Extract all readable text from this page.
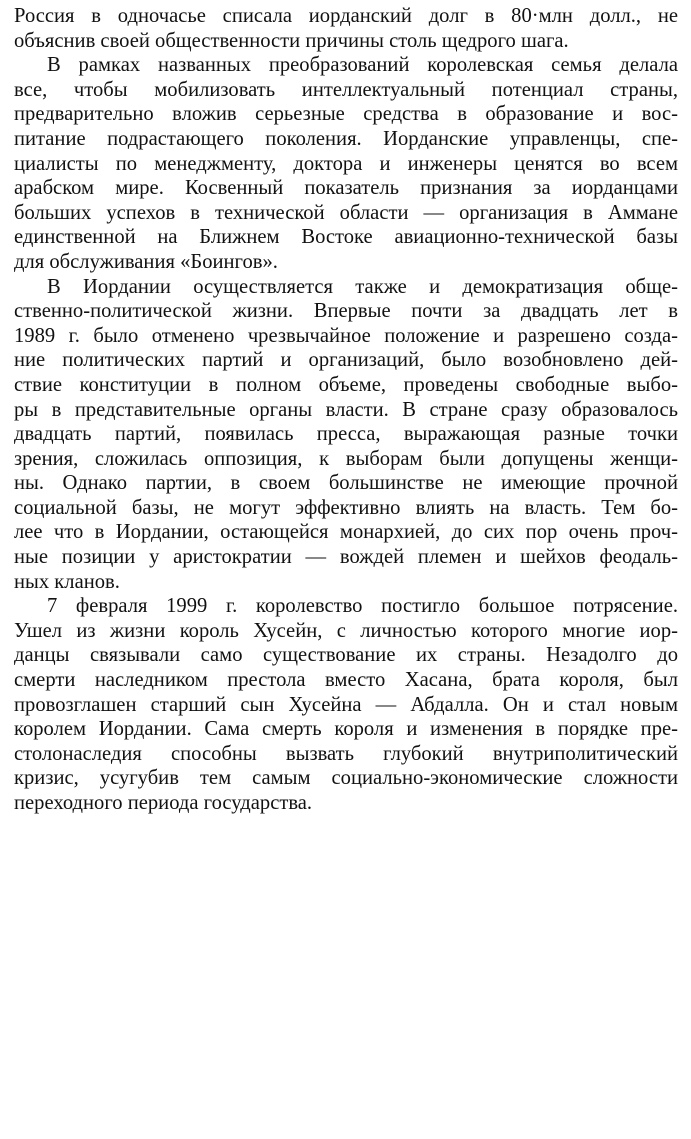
Россия в одночасье списала иорданский долг в 80·млн долл., не
объяснив своей общественности причины столь щедрого шага.
В рамках названных преобразований королевская семья делала
все, чтобы мобилизовать интеллектуальный потенциал страны,
предварительно вложив серьезные средства в образование и вос-
питание подрастающего поколения. Иорданские управленцы, спе-
циалисты по менеджменту, доктора и инженеры ценятся во всем
арабском мире. Косвенный показатель признания за иорданцами
больших успехов в технической области — организация в Аммане
единственной на Ближнем Востоке авиационно-технической базы
для обслуживания «Боингов».
В Иордании осуществляется также и демократизация обще-
ственно-политической жизни. Впервые почти за двадцать лет в
1989 г. было отменено чрезвычайное положение и разрешено созда-
ние политических партий и организаций, было возобновлено дей-
ствие конституции в полном объеме, проведены свободные выбо-
ры в представительные органы власти. В стране сразу образовалось
двадцать партий, появилась пресса, выражающая разные точки
зрения, сложилась оппозиция, к выборам были допущены женщи-
ны. Однако партии, в своем большинстве не имеющие прочной
социальной базы, не могут эффективно влиять на власть. Тем бо-
лее что в Иордании, остающейся монархией, до сих пор очень проч-
ные позиции у аристократии — вождей племен и шейхов феодаль-
ных кланов.
7 февраля 1999 г. королевство постигло большое потрясение.
Ушел из жизни король Хусейн, с личностью которого многие иор-
данцы связывали само существование их страны. Незадолго до
смерти наследником престола вместо Хасана, брата короля, был
провозглашен старший сын Хусейна — Абдалла. Он и стал новым
королем Иордании. Сама смерть короля и изменения в порядке пре-
столонаследия способны вызвать глубокий внутриполитический
кризис, усугубив тем самым социально-экономические сложности
переходного периода государства.
